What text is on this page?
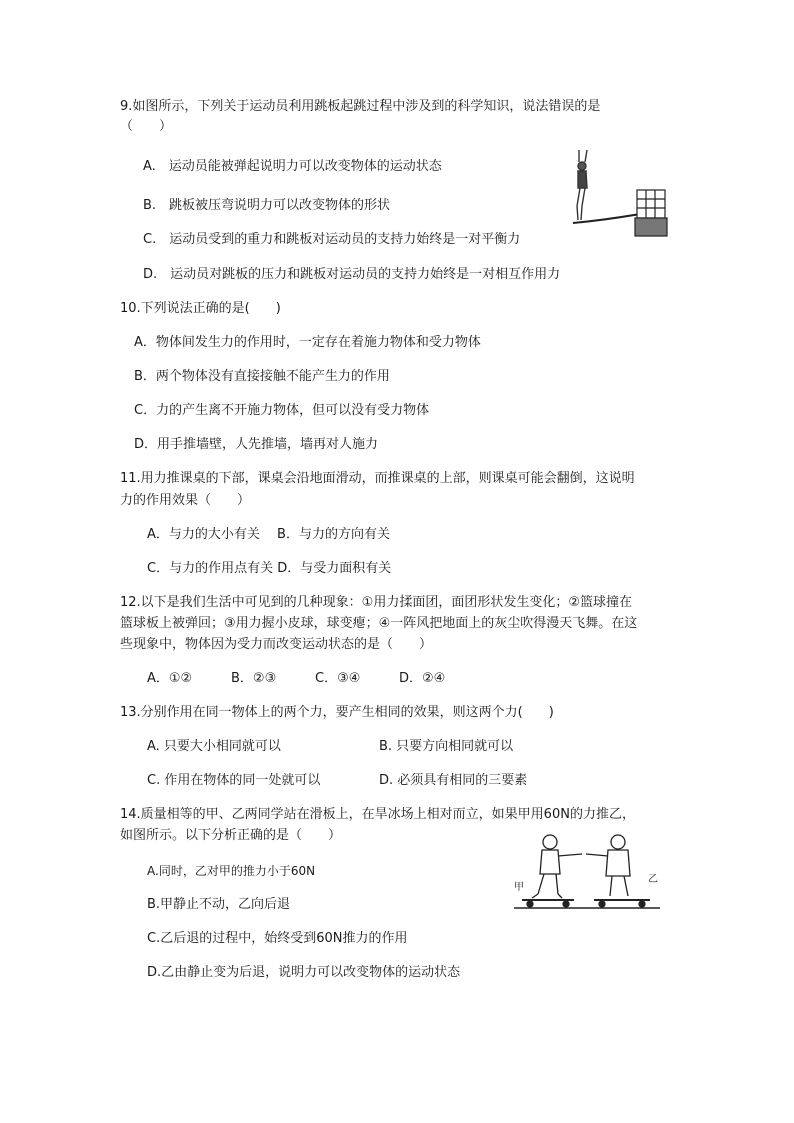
9.如图所示，下列关于运动员利用跳板起跳过程中涉及到的科学知识，说法错误的是
（　　）
A.　运动员能被弹起说明力可以改变物体的运动状态
B.　跳板被压弯说明力可以改变物体的形状
C.　运动员受到的重力和跳板对运动员的支持力始终是一对平衡力
D.　运动员对跳板的压力和跳板对运动员的支持力始终是一对相互作用力
10.下列说法正确的是(　　)
A．物体间发生力的作用时，一定存在着施力物体和受力物体
B．两个物体没有直接接触不能产生力的作用
C．力的产生离不开施力物体，但可以没有受力物体
D．用手推墙壁，人先推墙，墙再对人施力
11.用力推课桌的下部，课桌会沿地面滑动，而推课桌的上部，则课桌可能会翻倒，这说明
力的作用效果（　　）
A．与力的大小有关　 B．与力的方向有关
C．与力的作用点有关 D．与受力面积有关
12.以下是我们生活中可见到的几种现象：①用力揉面团，面团形状发生变化；②篮球撞在
篮球板上被弹回；③用力握小皮球，球变瘪；④一阵风把地面上的灰尘吹得漫天飞舞。在这
些现象中，物体因为受力而改变运动状态的是（　　）
A．①②	B．②③	C．③④	D．②④
13.分别作用在同一物体上的两个力，要产生相同的效果，则这两个力(　　)
A. 只要大小相同就可以	B. 只要方向相同就可以
C. 作用在物体的同一处就可以	D. 必须具有相同的三要素
14.质量相等的甲、乙两同学站在滑板上，在旱冰场上相对而立，如果甲用60N的力推乙，
如图所示。以下分析正确的是（　　）
A.同时，乙对甲的推力小于60N
B.甲静止不动，乙向后退
C.乙后退的过程中，始终受到60N推力的作用
D.乙由静止变为后退，说明力可以改变物体的运动状态
甲
乙
